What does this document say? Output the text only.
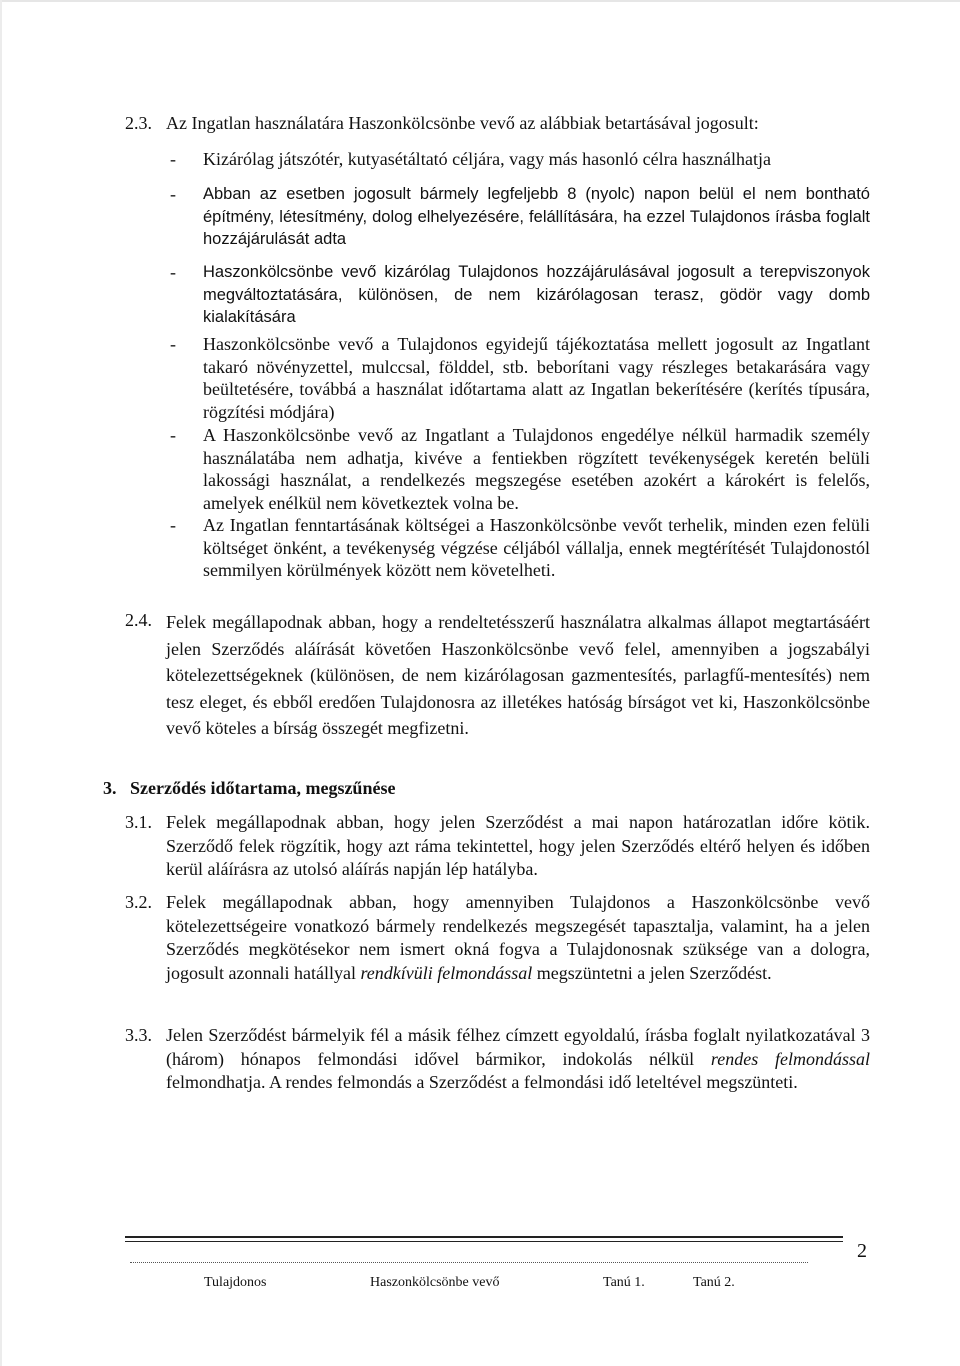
2.3. Az Ingatlan használatára Haszonkölcsönbe vevő az alábbiak betartásával jogosult:
- Kizárólag játszótér, kutyasétáltató céljára, vagy más hasonló célra használhatja
- Abban az esetben jogosult bármely legfeljebb 8 (nyolc) napon belül el nem bontható építmény, létesítmény, dolog elhelyezésére, felállítására, ha ezzel Tulajdonos írásba foglalt hozzájárulását adta
- Haszonkölcsönbe vevő kizárólag Tulajdonos hozzájárulásával jogosult a terepviszonyok megváltoztatására, különösen, de nem kizárólagosan terasz, gödör vagy domb kialakítására
- Haszonkölcsönbe vevő a Tulajdonos egyidejű tájékoztatása mellett jogosult az Ingatlant takaró növényzettel, mulccsal, földdel, stb. beborítani vagy részleges betakarására vagy beültetésére, továbbá a használat időtartama alatt az Ingatlan bekerítésére (kerítés típusára, rögzítési módjára)
- A Haszonkölcsönbe vevő az Ingatlant a Tulajdonos engedélye nélkül harmadik személy használatába nem adhatja, kivéve a fentiekben rögzített tevékenységek keretén belüli lakossági használat, a rendelkezés megszegése esetében azokért a károkért is felelős, amelyek enélkül nem következtek volna be.
- Az Ingatlan fenntartásának költségei a Haszonkölcsönbe vevőt terhelik, minden ezen felüli költséget önként, a tevékenység végzése céljából vállalja, ennek megtérítését Tulajdonostól semmilyen körülmények között nem követelheti.
2.4. Felek megállapodnak abban, hogy a rendeltetésszerű használatra alkalmas állapot megtartásáért jelen Szerződés aláírását követően Haszonkölcsönbe vevő felel, amennyiben a jogszabályi kötelezettségeknek (különösen, de nem kizárólagosan gazmentesítés, parlagfű-mentesítés) nem tesz eleget, és ebből eredően Tulajdonosra az illetékes hatóság bírságot vet ki, Haszonkölcsönbe vevő köteles a bírság összegét megfizetni.
3. Szerződés időtartama, megszűnése
3.1. Felek megállapodnak abban, hogy jelen Szerződést a mai napon határozatlan időre kötik. Szerződő felek rögzítik, hogy azt ráma tekintettel, hogy jelen Szerződés eltérő helyen és időben kerül aláírásra az utolsó aláírás napján lép hatályba.
3.2. Felek megállapodnak abban, hogy amennyiben Tulajdonos a Haszonkölcsönbe vevő kötelezettségeire vonatkozó bármely rendelkezés megszegését tapasztalja, valamint, ha a jelen Szerződés megkötésekor nem ismert okná fogva a Tulajdonosnak szüksége van a dologra, jogosult azonnali hatállyal rendkívüli felmondással megszüntetni a jelen Szerződést.
3.3. Jelen Szerződést bármelyik fél a másik félhez címzett egyoldalú, írásba foglalt nyilatkozatával 3 (három) hónapos felmondási idővel bármikor, indokolás nélkül rendes felmondással felmondhatja. A rendes felmondás a Szerződést a felmondási idő leteltével megszünteti.
2
Tulajdonos	Haszonkölcsönbe vevő	Tanú 1.	Tanú 2.
